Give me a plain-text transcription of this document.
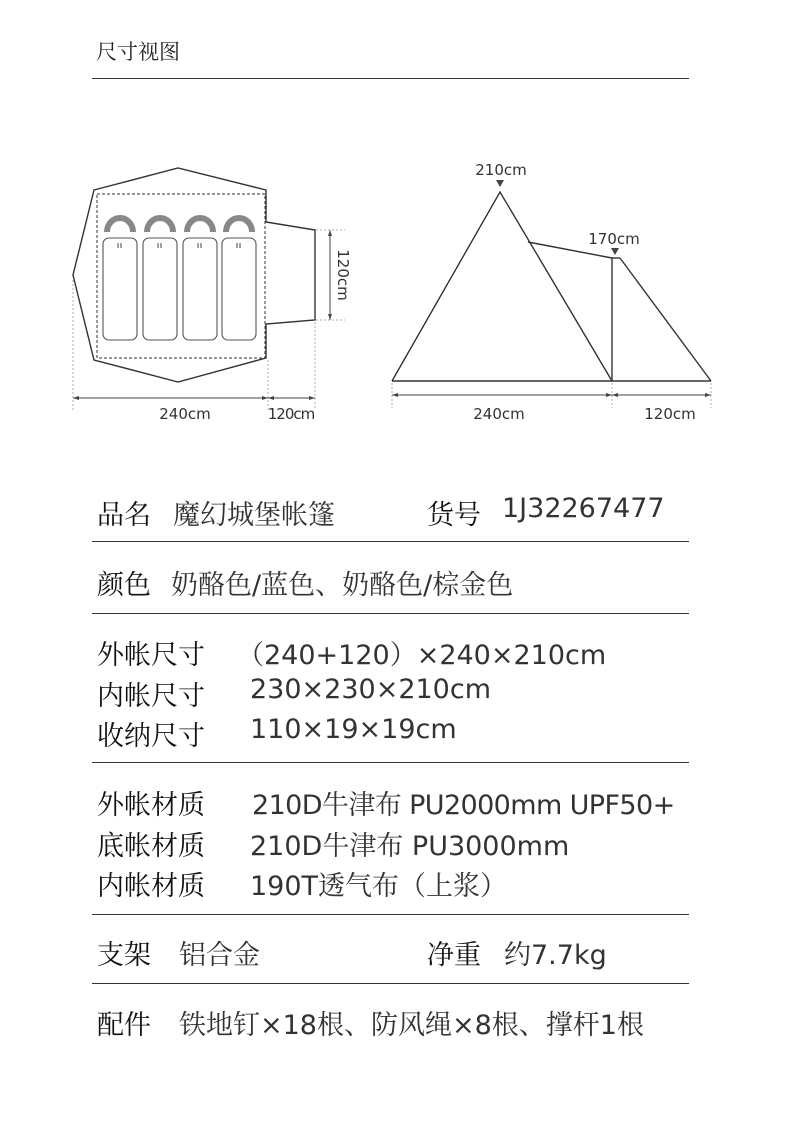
尺寸视图
240cm	120cm
120cm
210cm
170cm
240cm	120cm
品名 魔幻城堡帐篷	货号 1J32267477
颜色 奶酪色/蓝色、奶酪色/棕金色
外帐尺寸 （240+120）×240×210cm
内帐尺寸 230×230×210cm
收纳尺寸 110×19×19cm
外帐材质 210D牛津布 PU2000mm UPF50+
底帐材质 210D牛津布 PU3000mm
内帐材质 190T透气布（上浆）
支架 铝合金	净重 约7.7kg
配件 铁地钉×18根、防风绳×8根、撑杆1根
